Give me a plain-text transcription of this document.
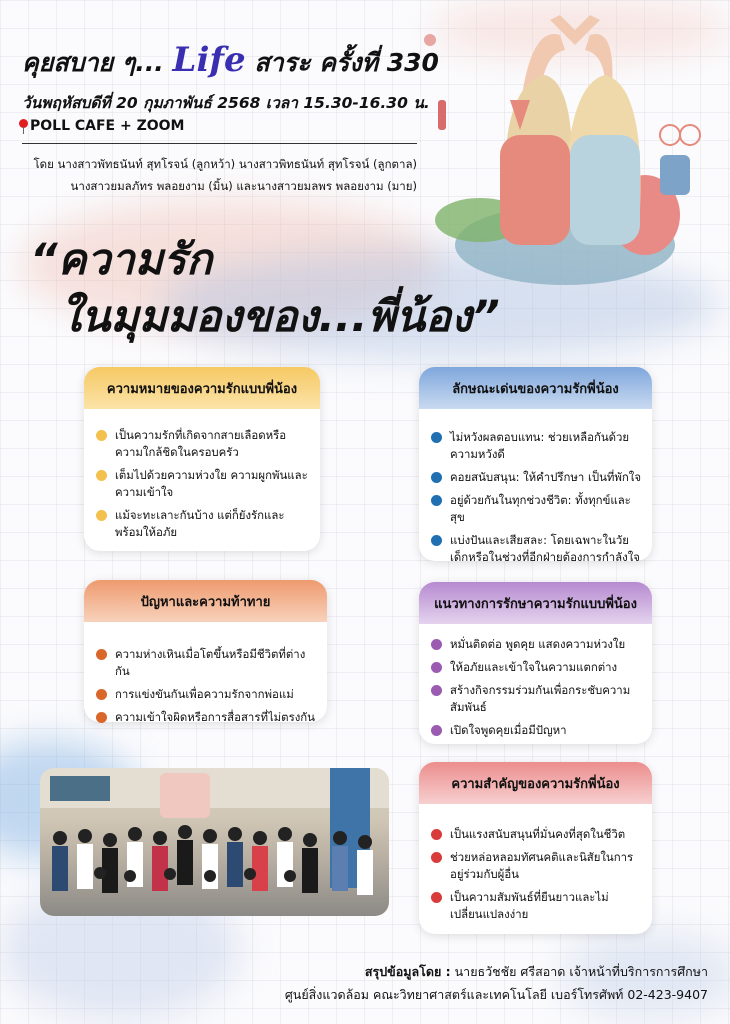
คุยสบาย ๆ... Life สาระ ครั้งที่ 330
วันพฤหัสบดีที่ 20 กุมภาพันธ์ 2568 เวลา 15.30-16.30 น.
POLL CAFE + ZOOM
โดย นางสาวพัทธนันท์ สุทโรจน์ (ลูกหว้า) นางสาวพิทธนันท์ สุทโรจน์ (ลูกตาล)
นางสาวยมลภัทร พลอยงาม (มิ้น) และนางสาวยมลพร พลอยงาม (มาย)
“ความรัก
ในมุมมองของ...พี่น้อง”
ความหมายของความรักแบบพี่น้อง
เป็นความรักที่เกิดจากสายเลือดหรือความใกล้ชิดในครอบครัว
เต็มไปด้วยความห่วงใย ความผูกพันและความเข้าใจ
แม้จะทะเลาะกันบ้าง แต่ก็ยังรักและพร้อมให้อภัย
ลักษณะเด่นของความรักพี่น้อง
ไม่หวังผลตอบแทน: ช่วยเหลือกันด้วยความหวังดี
คอยสนับสนุน: ให้คำปรึกษา เป็นที่พักใจ
อยู่ด้วยกันในทุกช่วงชีวิต: ทั้งทุกข์และสุข
แบ่งปันและเสียสละ: โดยเฉพาะในวัยเด็กหรือในช่วงที่อีกฝ่ายต้องการกำลังใจ
ปัญหาและความท้าทาย
ความห่างเหินเมื่อโตขึ้นหรือมีชีวิตที่ต่างกัน
การแข่งขันกันเพื่อความรักจากพ่อแม่
ความเข้าใจผิดหรือการสื่อสารที่ไม่ตรงกัน
แนวทางการรักษาความรักแบบพี่น้อง
หมั่นติดต่อ พูดคุย แสดงความห่วงใย
ให้อภัยและเข้าใจในความแตกต่าง
สร้างกิจกรรมร่วมกันเพื่อกระชับความสัมพันธ์
เปิดใจพูดคุยเมื่อมีปัญหา
ความสำคัญของความรักพี่น้อง
เป็นแรงสนับสนุนที่มั่นคงที่สุดในชีวิต
ช่วยหล่อหลอมทัศนคติและนิสัยในการอยู่ร่วมกับผู้อื่น
เป็นความสัมพันธ์ที่ยืนยาวและไม่เปลี่ยนแปลงง่าย
สรุปข้อมูลโดย : นายธวัชชัย ศรีสอาด เจ้าหน้าที่บริการการศึกษา
ศูนย์สิ่งแวดล้อม คณะวิทยาศาสตร์และเทคโนโลยี เบอร์โทรศัพท์ 02-423-9407
